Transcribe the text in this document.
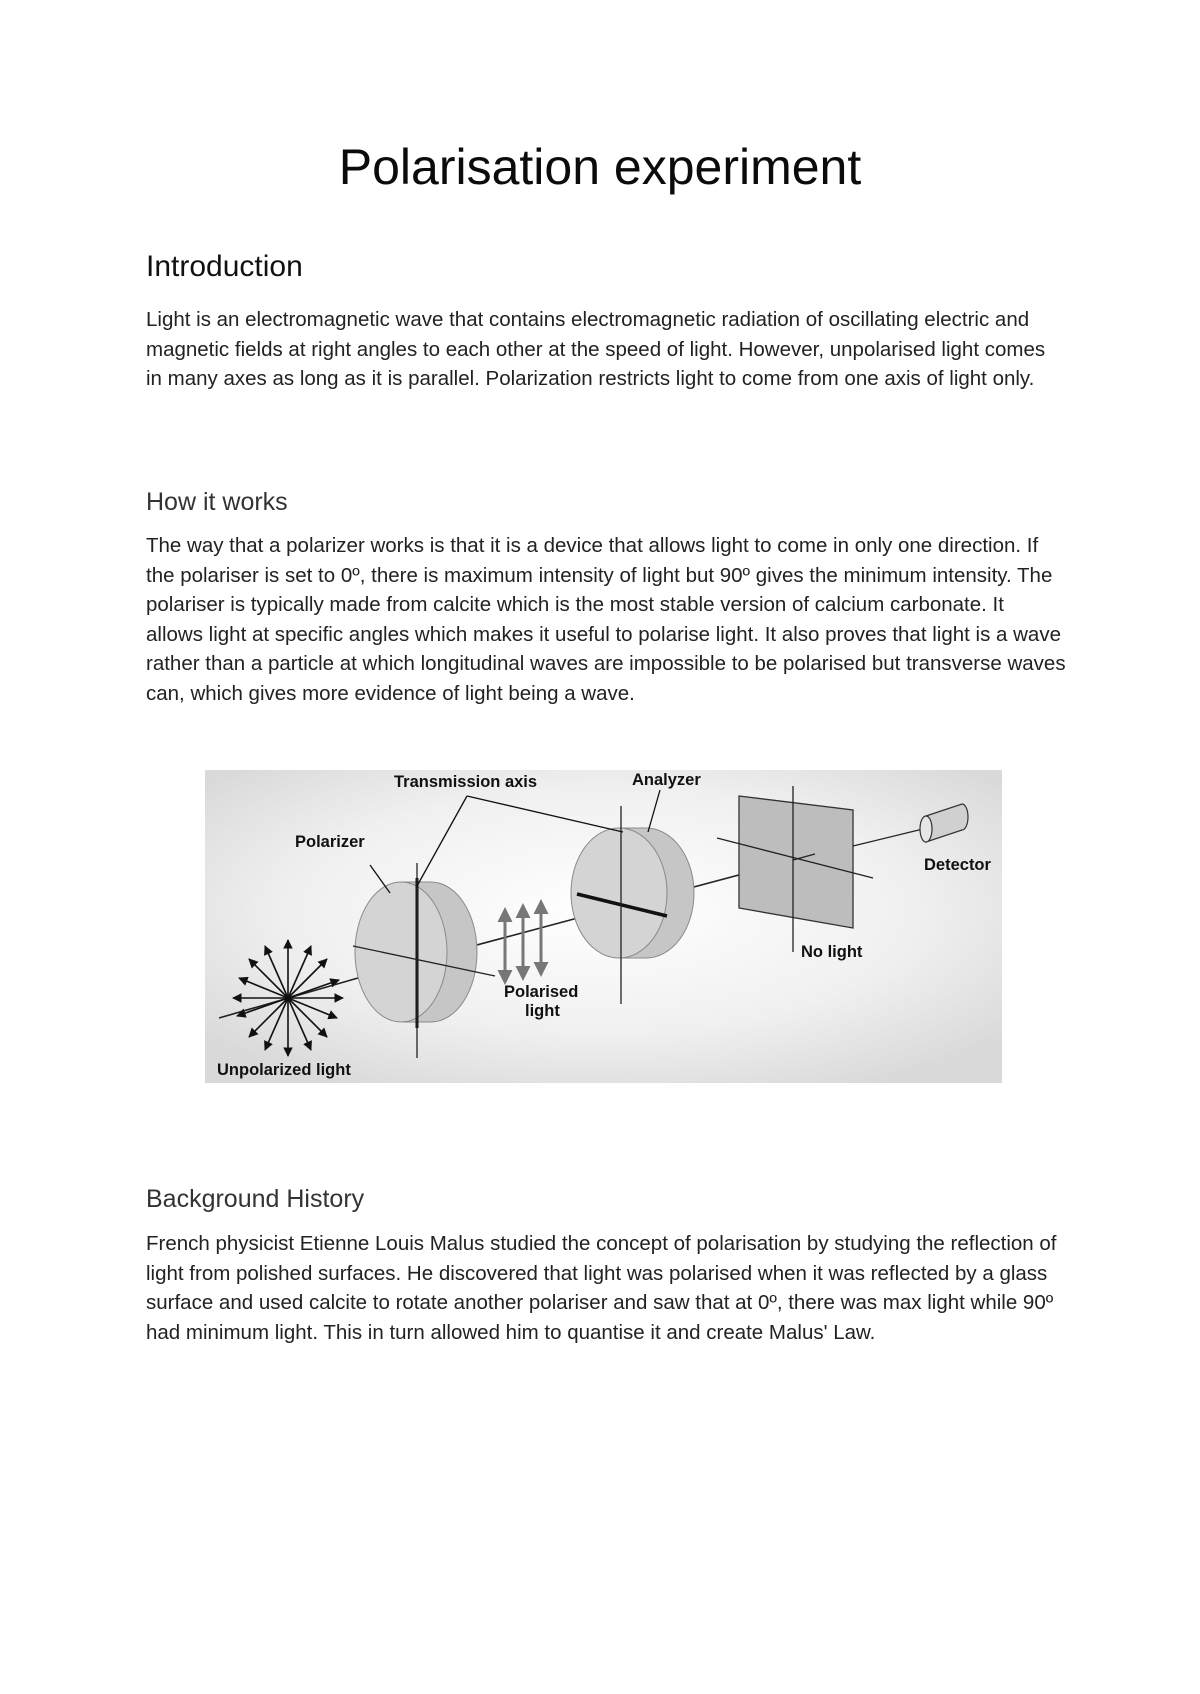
Polarisation experiment
Introduction

Light is an electromagnetic wave that contains electromagnetic radiation of oscillating electric and magnetic fields at right angles to each other at the speed of light. However, unpolarised light comes in many axes as long as it is parallel. Polarization restricts light to come from one axis of light only.

How it works

The way that a polarizer works is that it is a device that allows light to come in only one direction. If the polariser is set to 0º, there is maximum intensity of light but 90º gives the minimum intensity. The polariser is typically made from calcite which is the most stable version of calcium carbonate. It allows light at specific angles which makes it useful to polarise light. It also proves that light is a wave rather than a particle at which longitudinal waves are impossible to be polarised but transverse waves can, which gives more evidence of light being a wave.

Transmission axis	Analyzer
Polarizer
Detector
No light
Polarised
light
Unpolarized light
Background History

French physicist Etienne Louis Malus studied the concept of polarisation by studying the reflection of light from polished surfaces. He discovered that light was polarised when it was reflected by a glass surface and used calcite to rotate another polariser and saw that at 0º, there was max light while 90º had minimum light. This in turn allowed him to quantise it and create Malus' Law.
